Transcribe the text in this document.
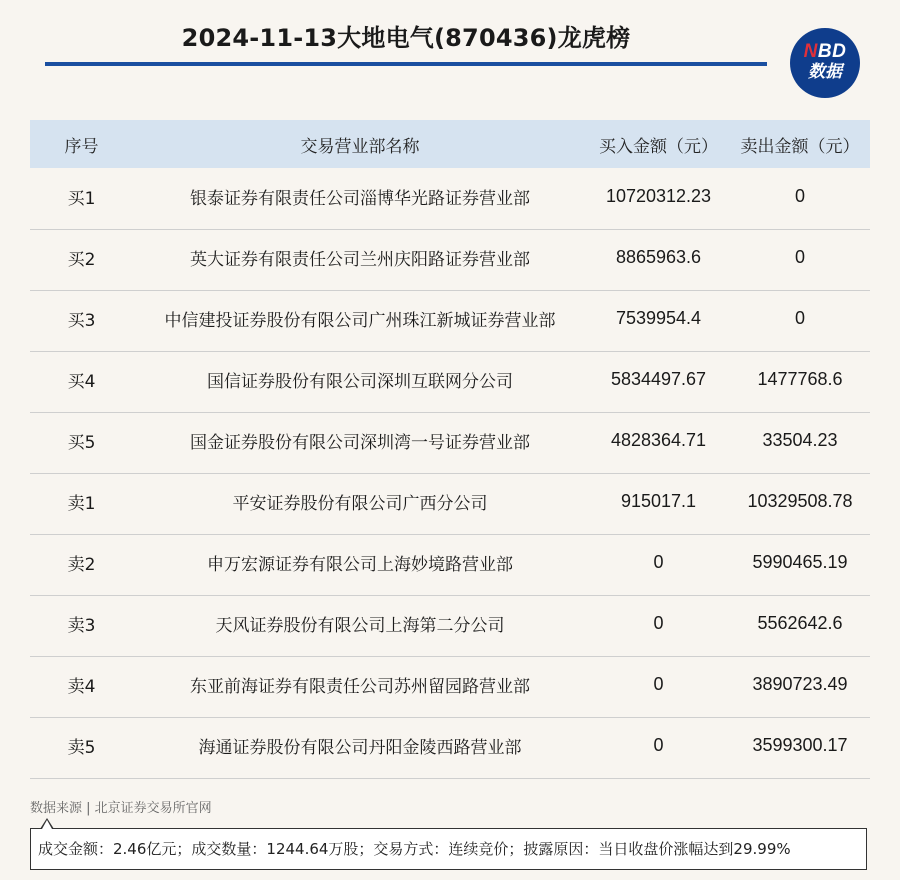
2024-11-13大地电气(870436)龙虎榜	NBD
数据
序号	交易营业部名称	买入金额（元）	卖出金额（元）
买1	银泰证券有限责任公司淄博华光路证券营业部	10720312.23	0
买2	英大证券有限责任公司兰州庆阳路证券营业部	8865963.6	0
买3	中信建投证券股份有限公司广州珠江新城证券营业部	7539954.4	0
买4	国信证券股份有限公司深圳互联网分公司	5834497.67	1477768.6
买5	国金证券股份有限公司深圳湾一号证券营业部	4828364.71	33504.23
卖1	平安证券股份有限公司广西分公司	915017.1	10329508.78
卖2	申万宏源证券有限公司上海妙境路营业部	0	5990465.19
卖3	天风证券股份有限公司上海第二分公司	0	5562642.6
卖4	东亚前海证券有限责任公司苏州留园路营业部	0	3890723.49
卖5	海通证券股份有限公司丹阳金陵西路营业部	0	3599300.17
数据来源 | 北京证券交易所官网
成交金额：2.46亿元；成交数量：1244.64万股；交易方式：连续竞价；披露原因：当日收盘价涨幅达到29.99%
